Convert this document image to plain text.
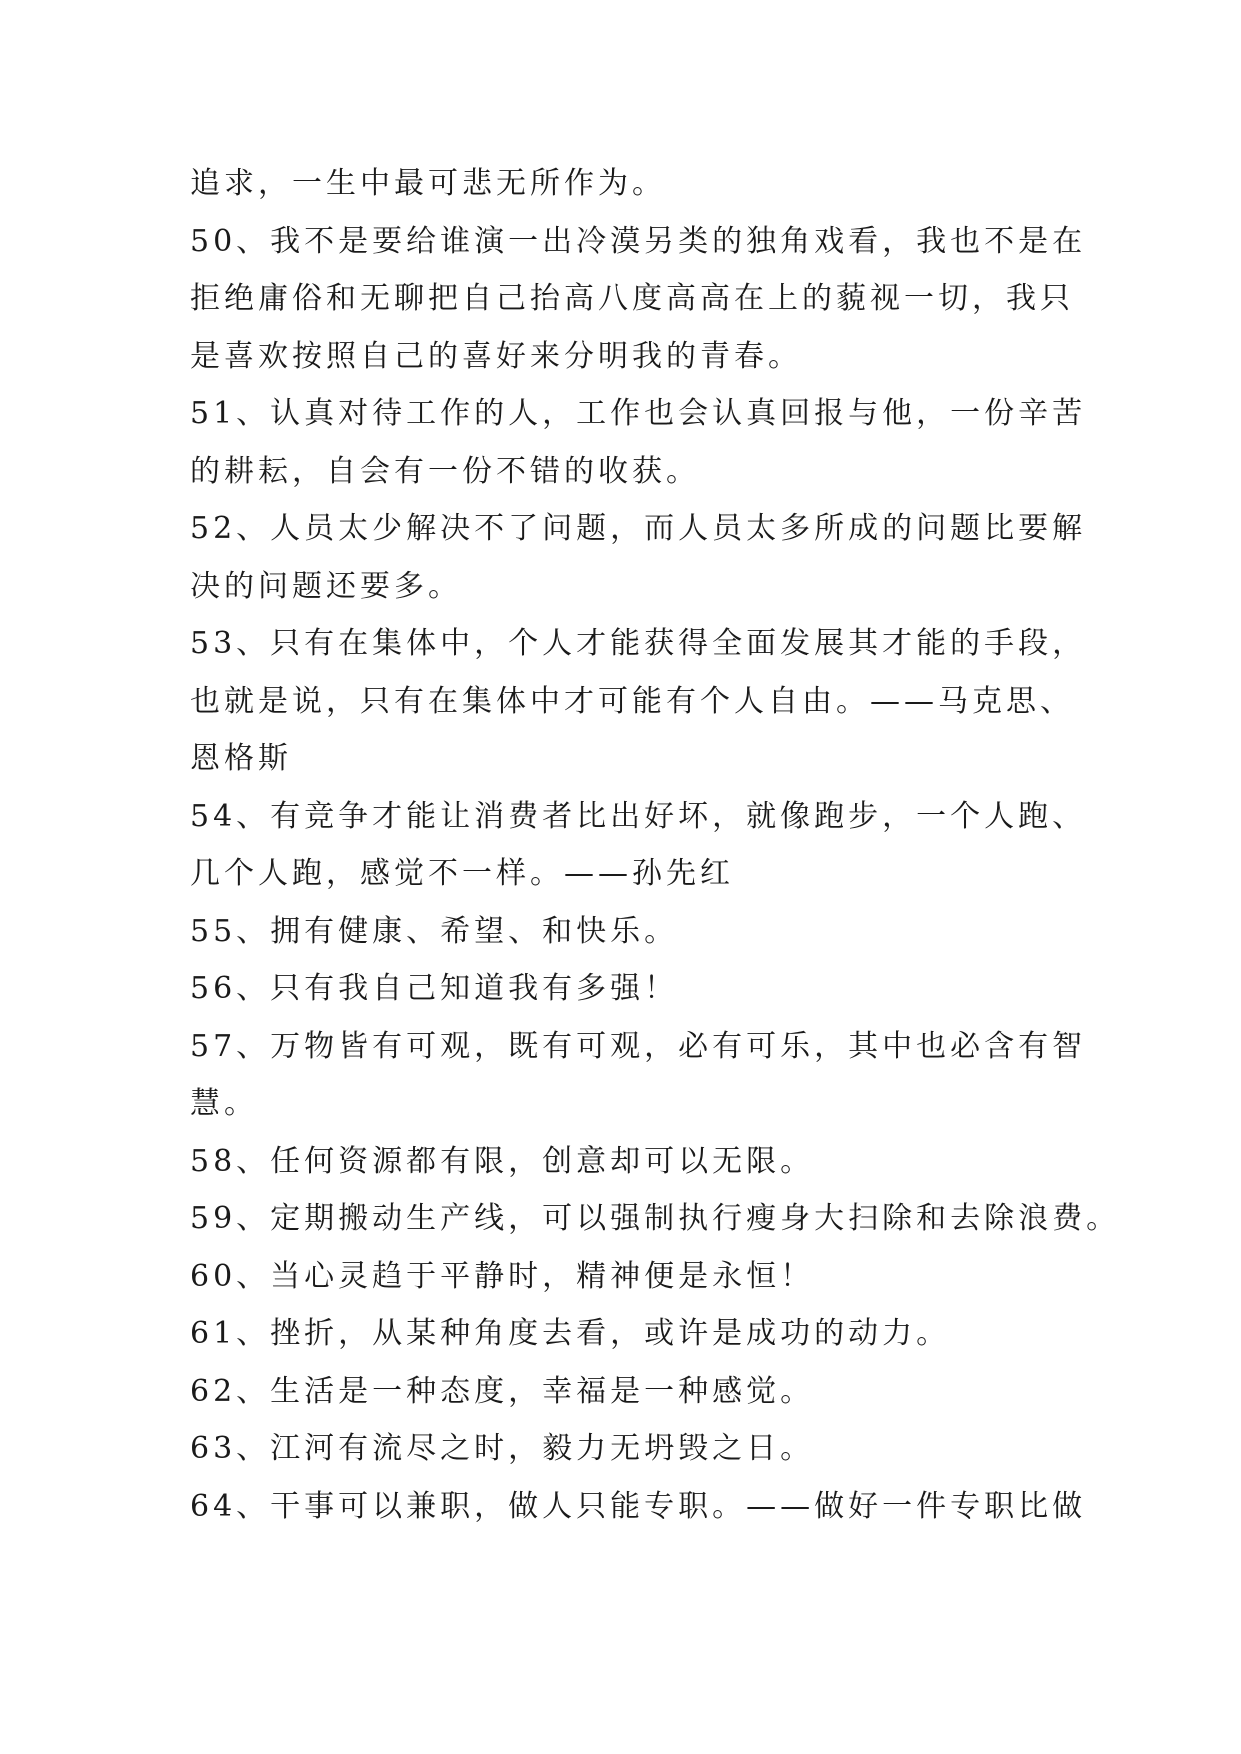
追求，一生中最可悲无所作为。
50、我不是要给谁演一出冷漠另类的独角戏看，我也不是在
拒绝庸俗和无聊把自己抬高八度高高在上的藐视一切，我只
是喜欢按照自己的喜好来分明我的青春。
51、认真对待工作的人，工作也会认真回报与他，一份辛苦
的耕耘，自会有一份不错的收获。
52、人员太少解决不了问题，而人员太多所成的问题比要解
决的问题还要多。
53、只有在集体中，个人才能获得全面发展其才能的手段，
也就是说，只有在集体中才可能有个人自由。——马克思、
恩格斯
54、有竞争才能让消费者比出好坏，就像跑步，一个人跑、
几个人跑，感觉不一样。——孙先红
55、拥有健康、希望、和快乐。
56、只有我自己知道我有多强！
57、万物皆有可观，既有可观，必有可乐，其中也必含有智
慧。
58、任何资源都有限，创意却可以无限。
59、定期搬动生产线，可以强制执行瘦身大扫除和去除浪费。
60、当心灵趋于平静时，精神便是永恒！
61、挫折，从某种角度去看，或许是成功的动力。
62、生活是一种态度，幸福是一种感觉。
63、江河有流尽之时，毅力无坍毁之日。
64、干事可以兼职，做人只能专职。——做好一件专职比做
